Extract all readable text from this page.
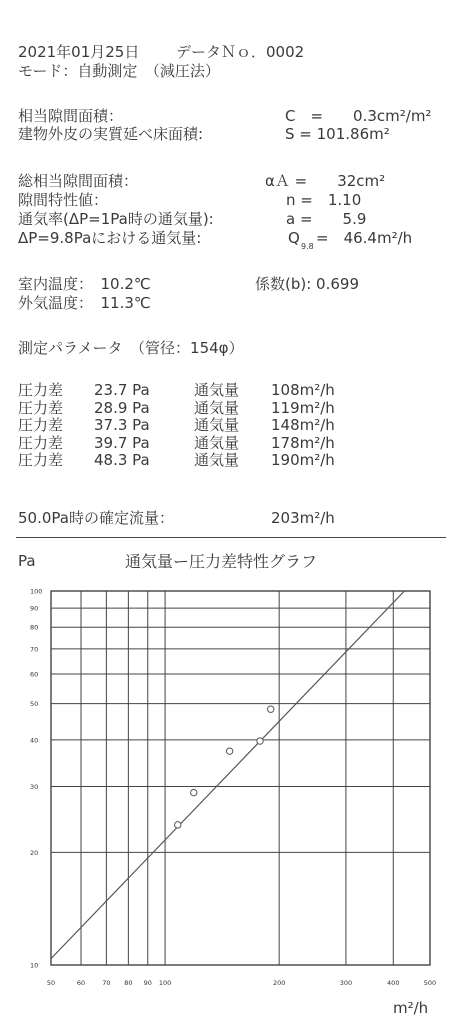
2021年01月25日 データＮｏ．0002
モード：自動測定　（減圧法）
相当隙間面積：	C　=　　0.3cm²/m²
建物外皮の実質延べ床面積:	S = 101.86m²
総相当隙間面積：	αＡ =　　32cm²
隙間特性値：	n =　1.10
通気率(ΔP=1Pa時の通気量):	a =　　5.9
ΔP=9.8Paにおける通気量:	Q 9.8 =　46.4m²/h
室内温度：　10.2℃	係数(b): 0.699
外気温度：　11.3℃
測定パラメータ　（管径：154φ）
圧力差 23.7 Pa	通気量 108m²/h
圧力差 28.9 Pa	通気量 119m²/h
圧力差 37.3 Pa	通気量 148m²/h
圧力差 39.7 Pa	通気量 178m²/h
圧力差 48.3 Pa	通気量 190m²/h
50.0Pa時の確定流量：	203m²/h
Pa	通気量ー圧力差特性グラフ
50	60	70 80 90 100	200	300	400	500
10
20
30
40
50
60
70
80
90
100
m²/h
